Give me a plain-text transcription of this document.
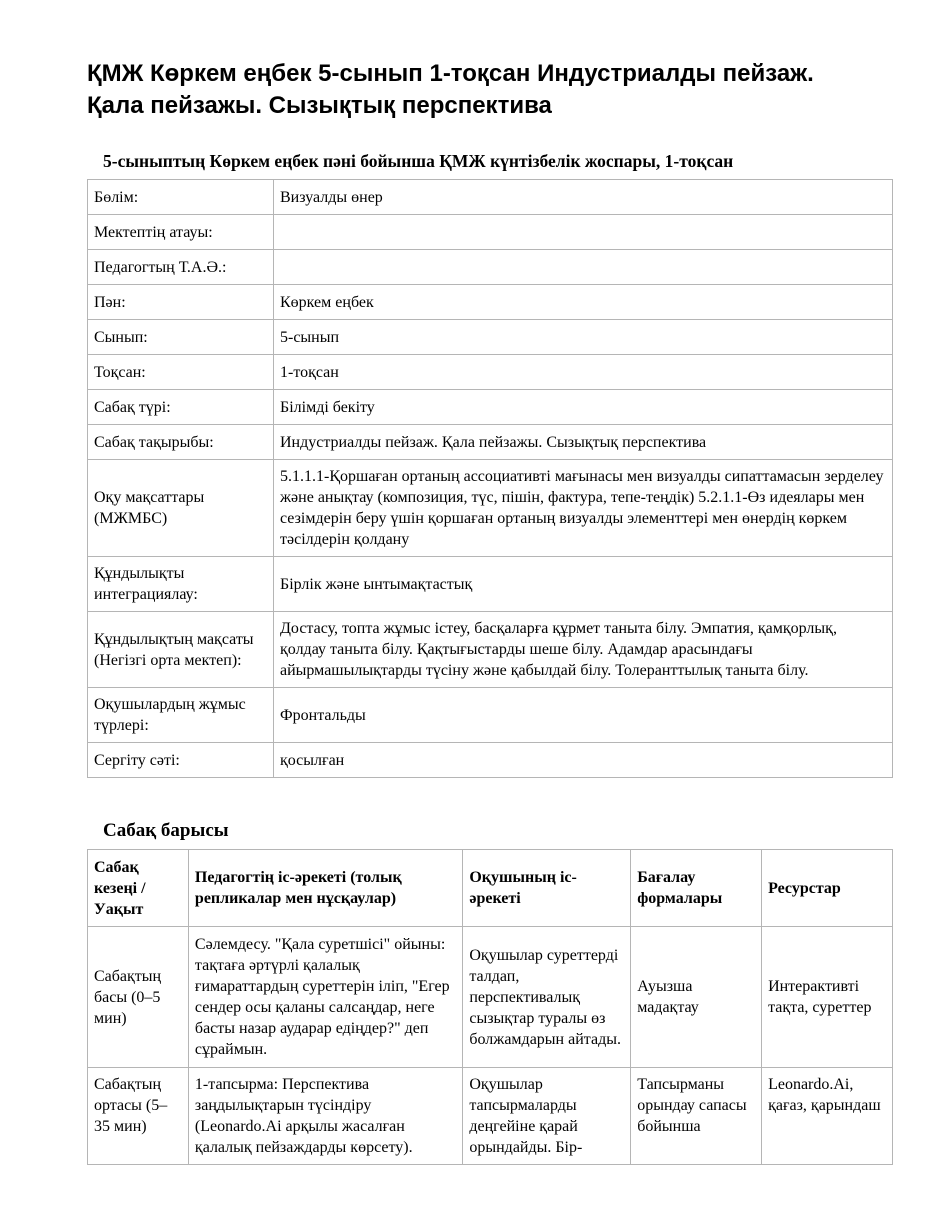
ҚМЖ Көркем еңбек 5-сынып 1-тоқсан Индустриалды пейзаж. Қала пейзажы. Сызықтық перспектива

5-сыныптың Көркем еңбек пәні бойынша ҚМЖ күнтізбелік жоспары, 1-тоқсан

Бөлім:	Визуалды өнер
Мектептің атауы:	
Педагогтың Т.А.Ә.:	
Пән:	Көркем еңбек
Сынып:	5-сынып
Тоқсан:	1-тоқсан
Сабақ түрі:	Білімді бекіту
Сабақ тақырыбы:	Индустриалды пейзаж. Қала пейзажы. Сызықтық перспектива
Оқу мақсаттары (МЖМБС)	5.1.1.1-Қоршаған ортаның ассоциативті мағынасы мен визуалды сипаттамасын зерделеу және анықтау (композиция, түс, пішін, фактура, тепе-теңдік) 5.2.1.1-Өз идеялары мен сезімдерін беру үшін қоршаған ортаның визуалды элементтері мен өнердің көркем тәсілдерін қолдану
Құндылықты интеграциялау:	Бірлік және ынтымақтастық
Құндылықтың мақсаты (Негізгі орта мектеп):	Достасу, топта жұмыс істеу, басқаларға құрмет таныта білу. Эмпатия, қамқорлық, қолдау таныта білу. Қақтығыстарды шеше білу. Адамдар арасындағы айырмашылықтарды түсіну және қабылдай білу. Толеранттылық таныта білу.
Оқушылардың жұмыс түрлері:	Фронтальды
Сергіту сәті:	қосылған

Сабақ барысы

Сабақ кезеңі / Уақыт	Педагогтің іс-әрекеті (толық репликалар мен нұсқаулар)	Оқушының іс-әрекеті	Бағалау формалары	Ресурстар
Сабақтың басы (0–5 мин)	Сәлемдесу. "Қала суретшісі" ойыны: тақтаға әртүрлі қалалық ғимараттардың суреттерін іліп, "Егер сендер осы қаланы салсаңдар, неге басты назар аударар едіңдер?" деп сұраймын.	Оқушылар суреттерді талдап, перспективалық сызықтар туралы өз болжамдарын айтады.	Ауызша мадақтау	Интерактивті тақта, суреттер
Сабақтың ортасы (5–35 мин)	1-тапсырма: Перспектива заңдылықтарын түсіндіру (Leonardo.Ai арқылы жасалған қалалық пейзаждарды көрсету).	Оқушылар тапсырмаларды деңгейіне қарай орындайды. Бір-	Тапсырманы орындау сапасы бойынша	Leonardo.Ai, қағаз, қарындаш
